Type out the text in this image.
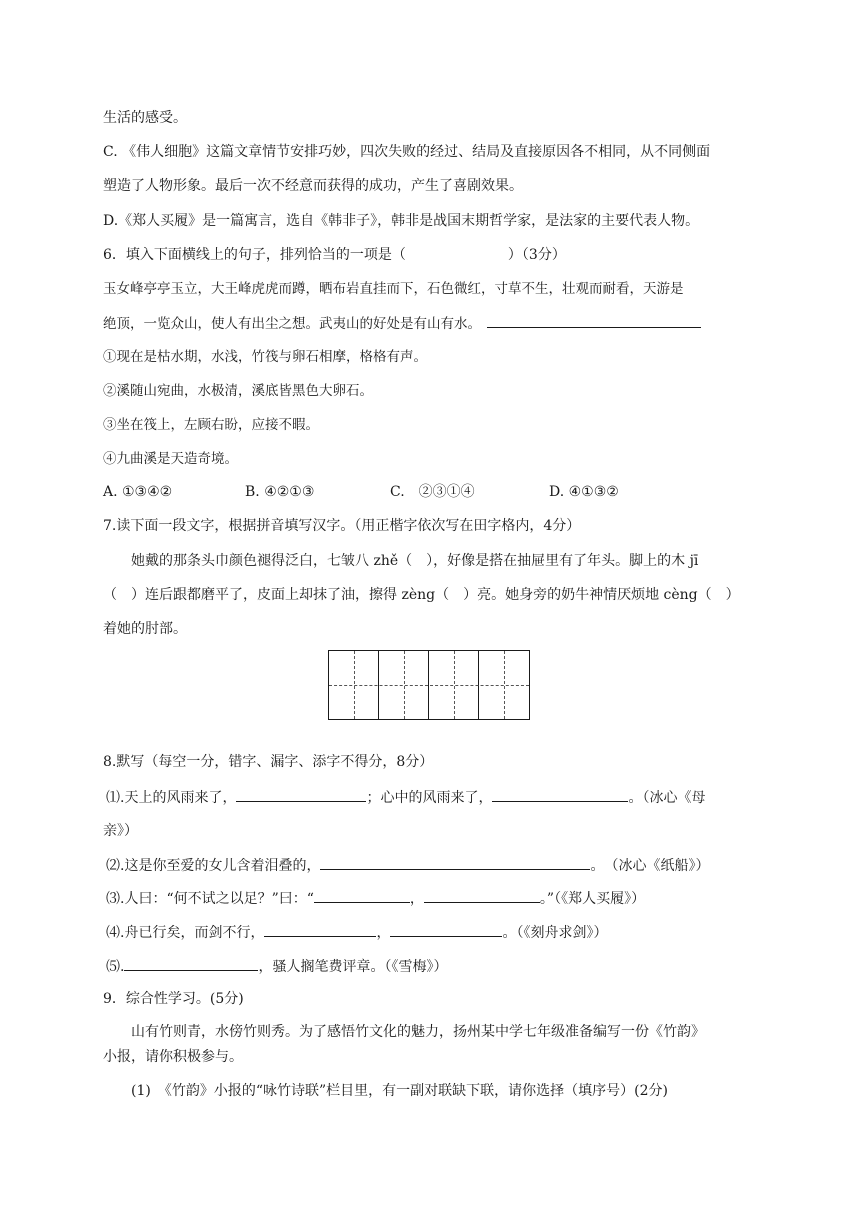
生活的感受。
C. 《伟人细胞》这篇文章情节安排巧妙，四次失败的经过、结局及直接原因各不相同，从不同侧面
塑造了人物形象。最后一次不经意而获得的成功，产生了喜剧效果。
D.《郑人买履》是一篇寓言，选自《韩非子》，韩非是战国末期哲学家，是法家的主要代表人物。
6．填入下面横线上的句子，排列恰当的一项是（	）（3分）
玉女峰亭亭玉立，大王峰虎虎而蹲，晒布岩直挂而下，石色微红，寸草不生，壮观而耐看，天游是
绝顶，一览众山，使人有出尘之想。武夷山的好处是有山有水。
①现在是枯水期，水浅，竹筏与卵石相摩，格格有声。
②溪随山宛曲，水极清，溪底皆黑色大卵石。
③坐在筏上，左顾右盼，应接不暇。
④九曲溪是天造奇境。
A. ①③④②	B. ④②①③	C.　②③①④	D. ④①③②
7.读下面一段文字，根据拼音填写汉字。（用正楷字依次写在田字格内，4分）
她戴的那条头巾颜色褪得泛白，七皱八 zhě（　），好像是搭在抽屉里有了年头。脚上的木 jī
（　）连后跟都磨平了，皮面上却抹了油，擦得 zèng（　）亮。她身旁的奶牛神情厌烦地 cèng（　）
着她的肘部。
8.默写（每空一分，错字、漏字、添字不得分，8分）
⑴.天上的风雨来了，	；心中的风雨来了，	。（冰心《母
亲》）
⑵.这是你至爱的女儿含着泪叠的，	。　（冰心《纸船》）
⑶.人曰：“何不试之以足？”曰：“	，	。”（《郑人买履》）
⑷.舟已行矣，而剑不行，	，	。（《刻舟求剑》）
⑸.	，骚人搁笔费评章。（《雪梅》）
9．综合性学习。(5分)
山有竹则青，水傍竹则秀。为了感悟竹文化的魅力，扬州某中学七年级准备编写一份《竹韵》
小报，请你积极参与。
(1)　《竹韵》小报的“咏竹诗联”栏目里，有一副对联缺下联，请你选择（填序号）(2分)
